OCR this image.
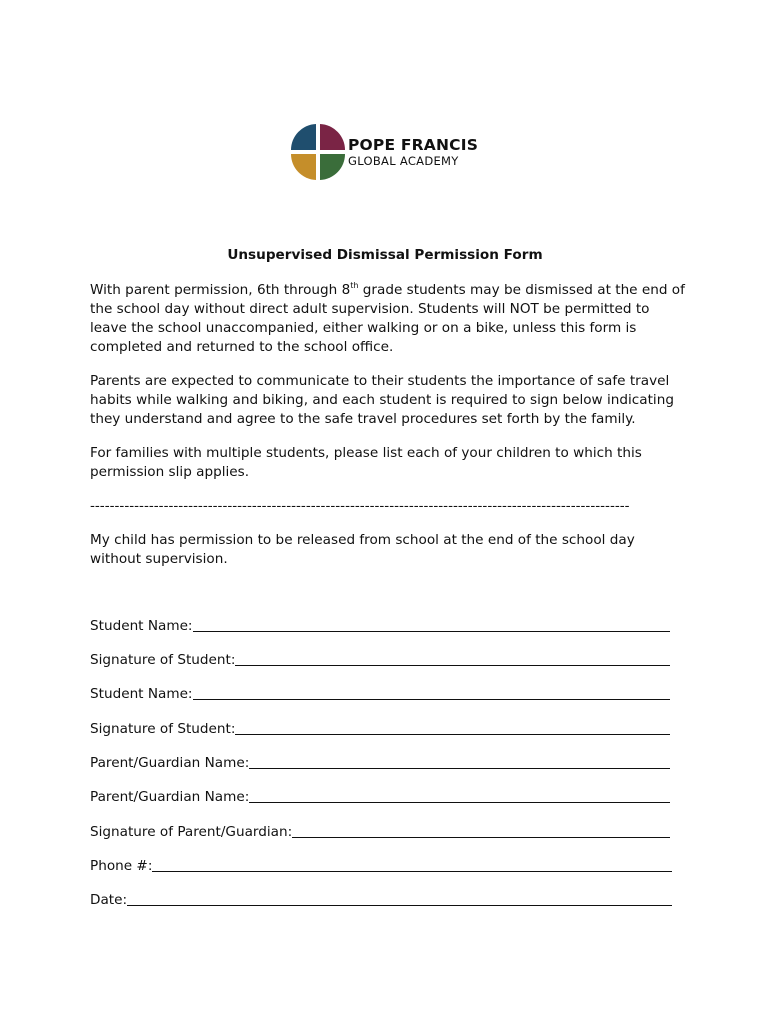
POPE FRANCIS
GLOBAL ACADEMY
Unsupervised Dismissal Permission Form

With parent permission, 6th through 8th grade students may be dismissed at the end of the school day without direct adult supervision. Students will NOT be permitted to leave the school unaccompanied, either walking or on a bike, unless this form is completed and returned to the school office.

Parents are expected to communicate to their students the importance of safe travel habits while walking and biking, and each student is required to sign below indicating they understand and agree to the safe travel procedures set forth by the family.

For families with multiple students, please list each of your children to which this permission slip applies.

--------------------------------------------------------------------------------------------------------------

My child has permission to be released from school at the end of the school day without supervision.

Student Name:
Signature of Student:
Student Name:
Signature of Student:
Parent/Guardian Name:
Parent/Guardian Name:
Signature of Parent/Guardian:
Phone #:
Date:
